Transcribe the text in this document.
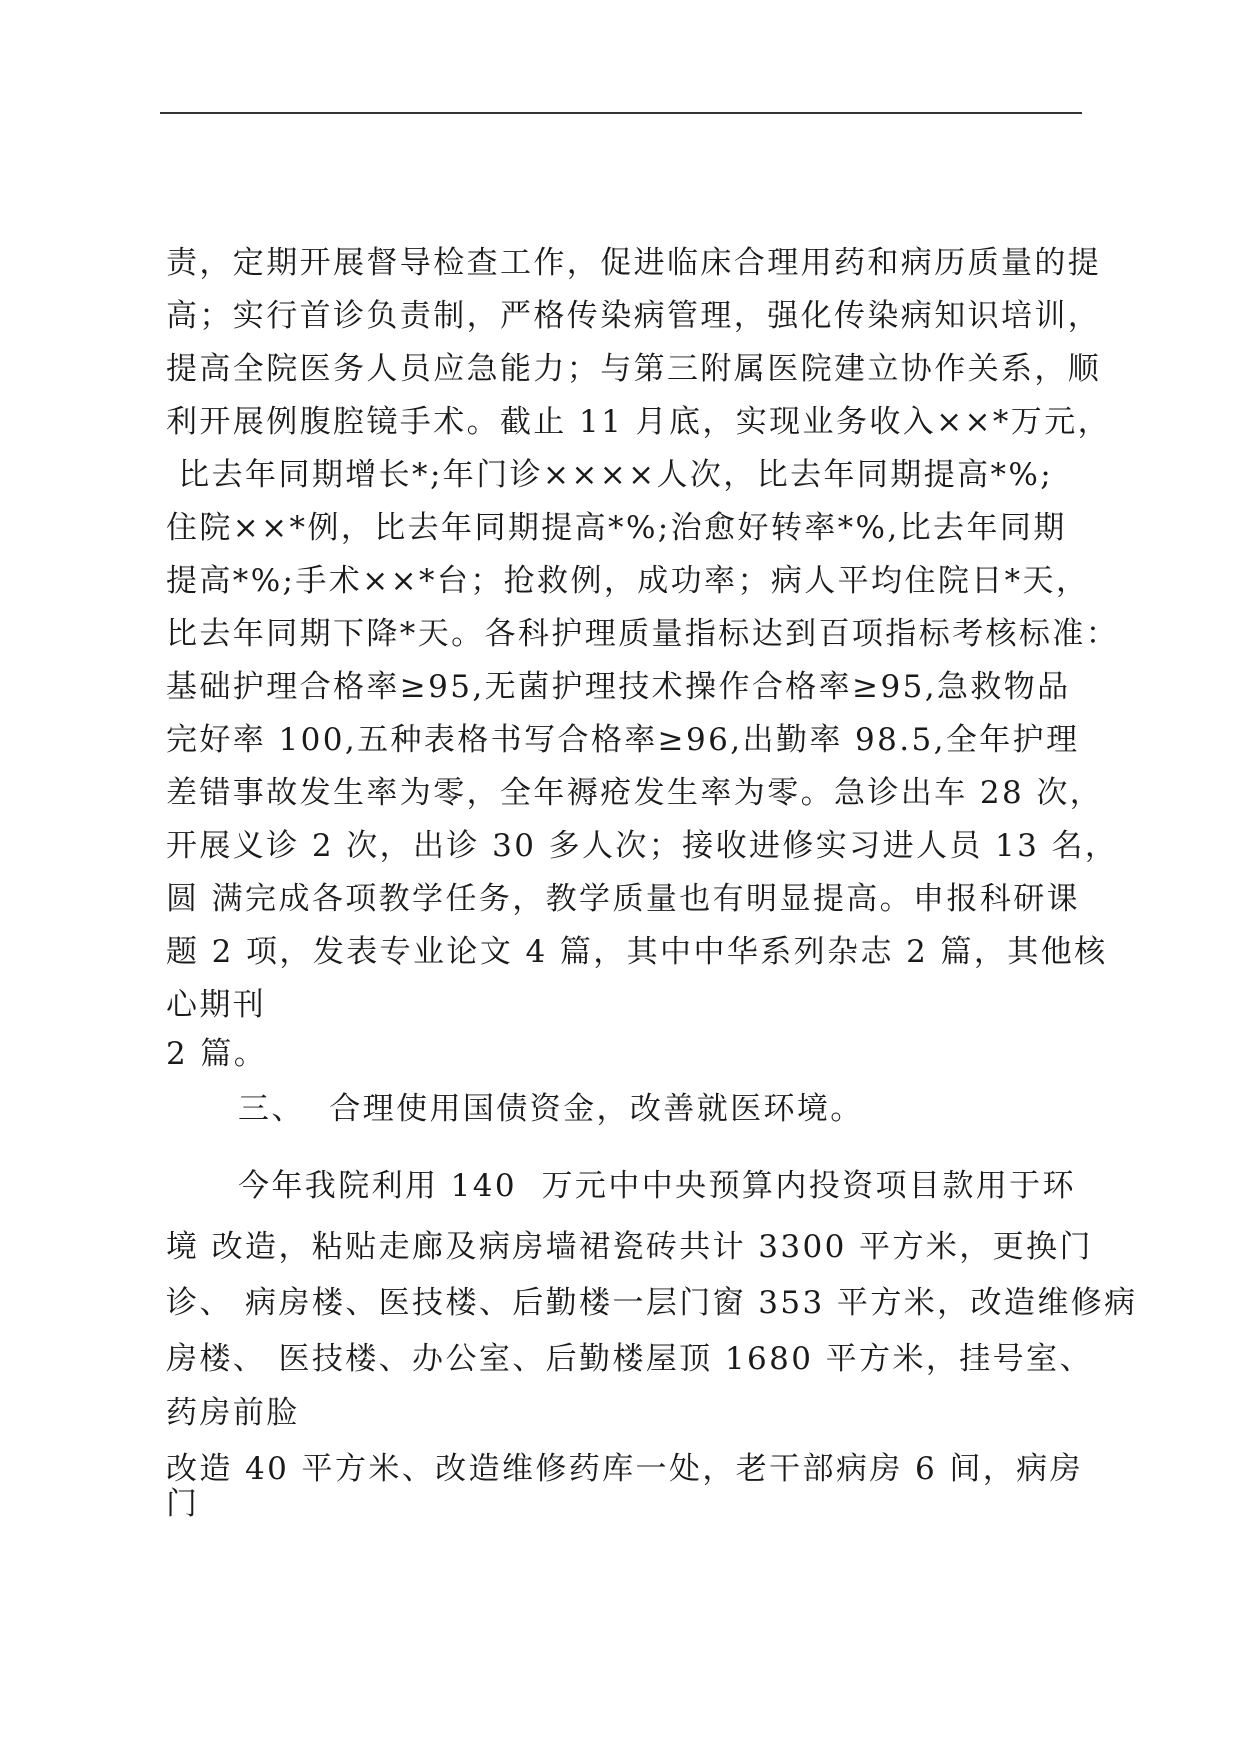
责，定期开展督导检查工作，促进临床合理用药和病历质量的提
高；实行首诊负责制，严格传染病管理，强化传染病知识培训，
提高全院医务人员应急能力；与第三附属医院建立协作关系，顺
利开展例腹腔镜手术。截止 11 月底，实现业务收入××*万元，
比去年同期增长*;年门诊××××人次，比去年同期提高*%;
住院××*例，比去年同期提高*%;治愈好转率*%,比去年同期
提高*%;手术××*台；抢救例，成功率；病人平均住院日*天，
比去年同期下降*天。各科护理质量指标达到百项指标考核标准：
基础护理合格率≥95,无菌护理技术操作合格率≥95,急救物品
完好率 100,五种表格书写合格率≥96,出勤率 98.5,全年护理
差错事故发生率为零，全年褥疮发生率为零。急诊出车 28 次，
开展义诊 2 次，出诊 30 多人次；接收进修实习进人员 13 名，
圆 满完成各项教学任务，教学质量也有明显提高。申报科研课
题 2 项，发表专业论文 4 篇，其中中华系列杂志 2 篇，其他核
心期刊
2 篇。
三、  合理使用国债资金，改善就医环境。
今年我院利用 140  万元中中央预算内投资项目款用于环
境 改造，粘贴走廊及病房墙裙瓷砖共计 3300 平方米，更换门
诊、 病房楼、医技楼、后勤楼一层门窗 353 平方米，改造维修病
房楼、 医技楼、办公室、后勤楼屋顶 1680 平方米，挂号室、
药房前脸
改造 40 平方米、改造维修药库一处，老干部病房 6 间，病房
门
